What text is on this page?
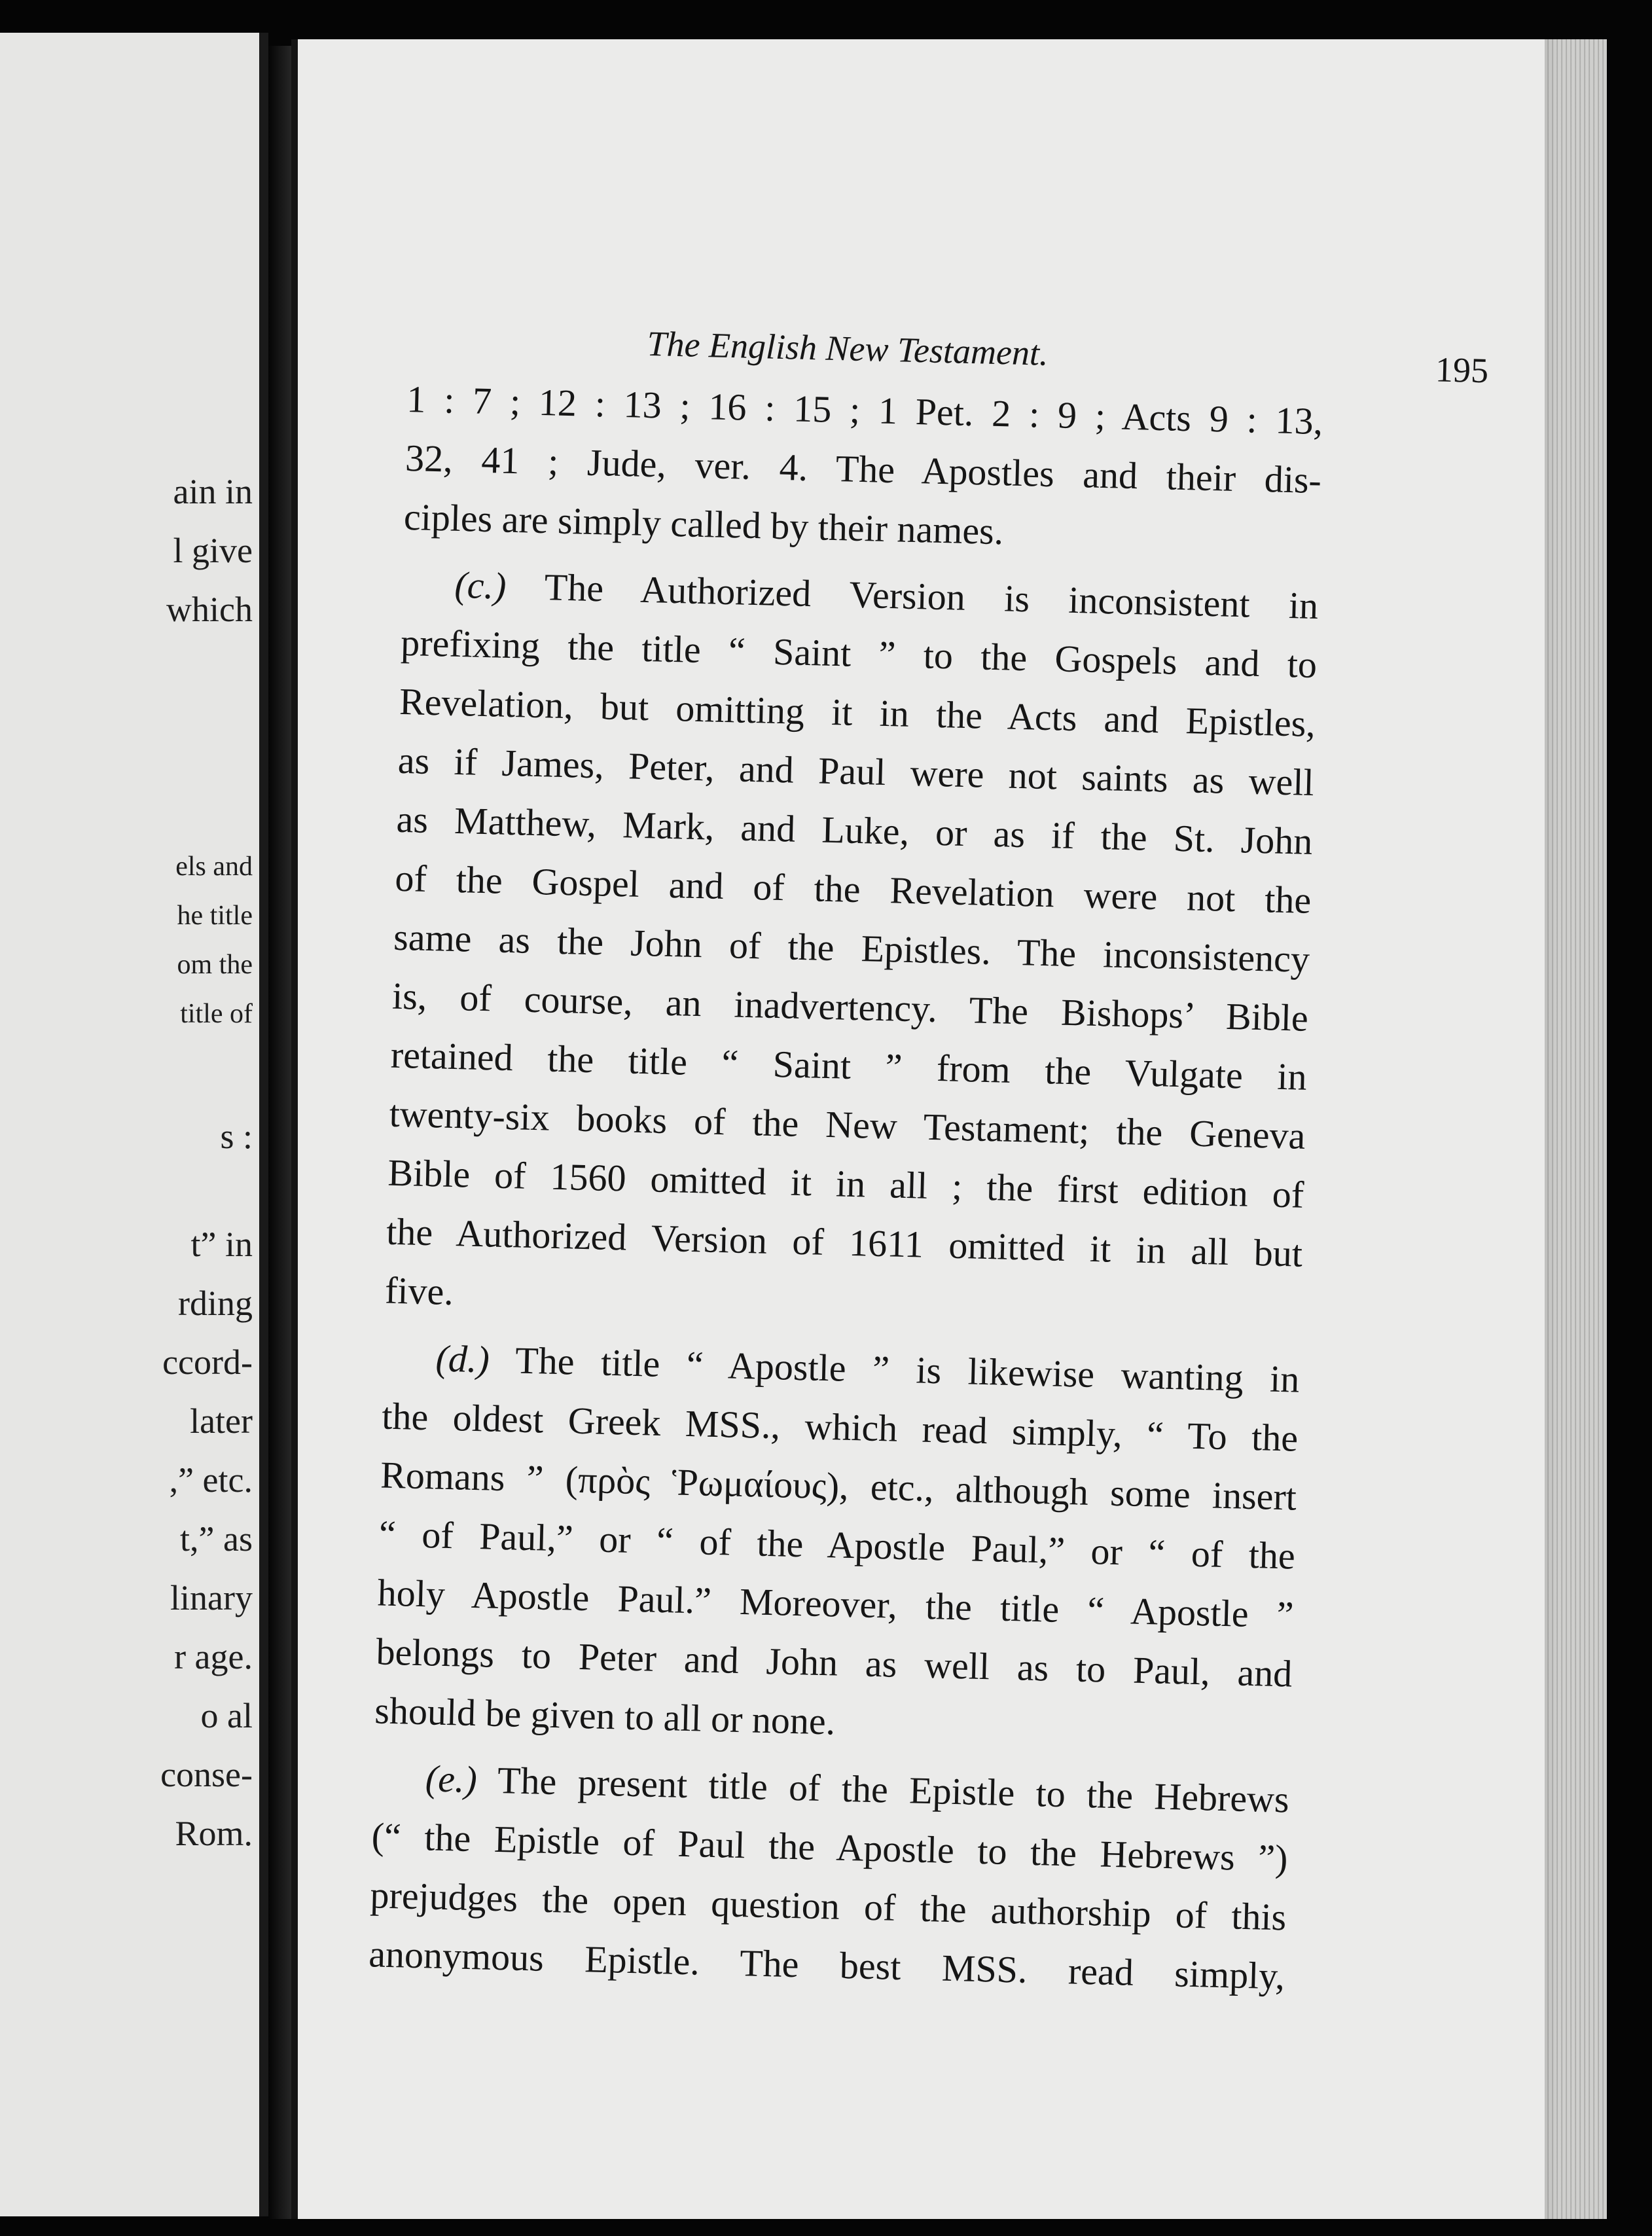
ain in
l give
which
els and
he title
om the
title of
s :
t” in
rding
ccord-
later
,” etc.
t,” as
linary
r age.
o al
conse-
Rom.
The English New Testament.	195
1 : 7 ; 12 : 13 ; 16 : 15 ; 1 Pet. 2 : 9 ; Acts 9 : 13,
32, 41 ; Jude, ver. 4. The Apostles and their dis-
ciples are simply called by their names.
(c.) The Authorized Version is inconsistent in
prefixing the title “ Saint ” to the Gospels and to
Revelation, but omitting it in the Acts and Epistles,
as if James, Peter, and Paul were not saints as well
as Matthew, Mark, and Luke, or as if the St. John
of the Gospel and of the Revelation were not the
same as the John of the Epistles. The inconsistency
is, of course, an inadvertency. The Bishops’ Bible
retained the title “ Saint ” from the Vulgate in
twenty-six books of the New Testament; the Geneva
Bible of 1560 omitted it in all ; the first edition of
the Authorized Version of 1611 omitted it in all but
five.
(d.) The title “ Apostle ” is likewise wanting in
the oldest Greek MSS., which read simply, “ To the
Romans ” (πρὸς Ῥωμαίους), etc., although some insert
“ of Paul,” or “ of the Apostle Paul,” or “ of the
holy Apostle Paul.” Moreover, the title “ Apostle ”
belongs to Peter and John as well as to Paul, and
should be given to all or none.
(e.) The present title of the Epistle to the Hebrews
(“ the Epistle of Paul the Apostle to the Hebrews ”)
prejudges the open question of the authorship of this
anonymous Epistle. The best MSS. read simply,
